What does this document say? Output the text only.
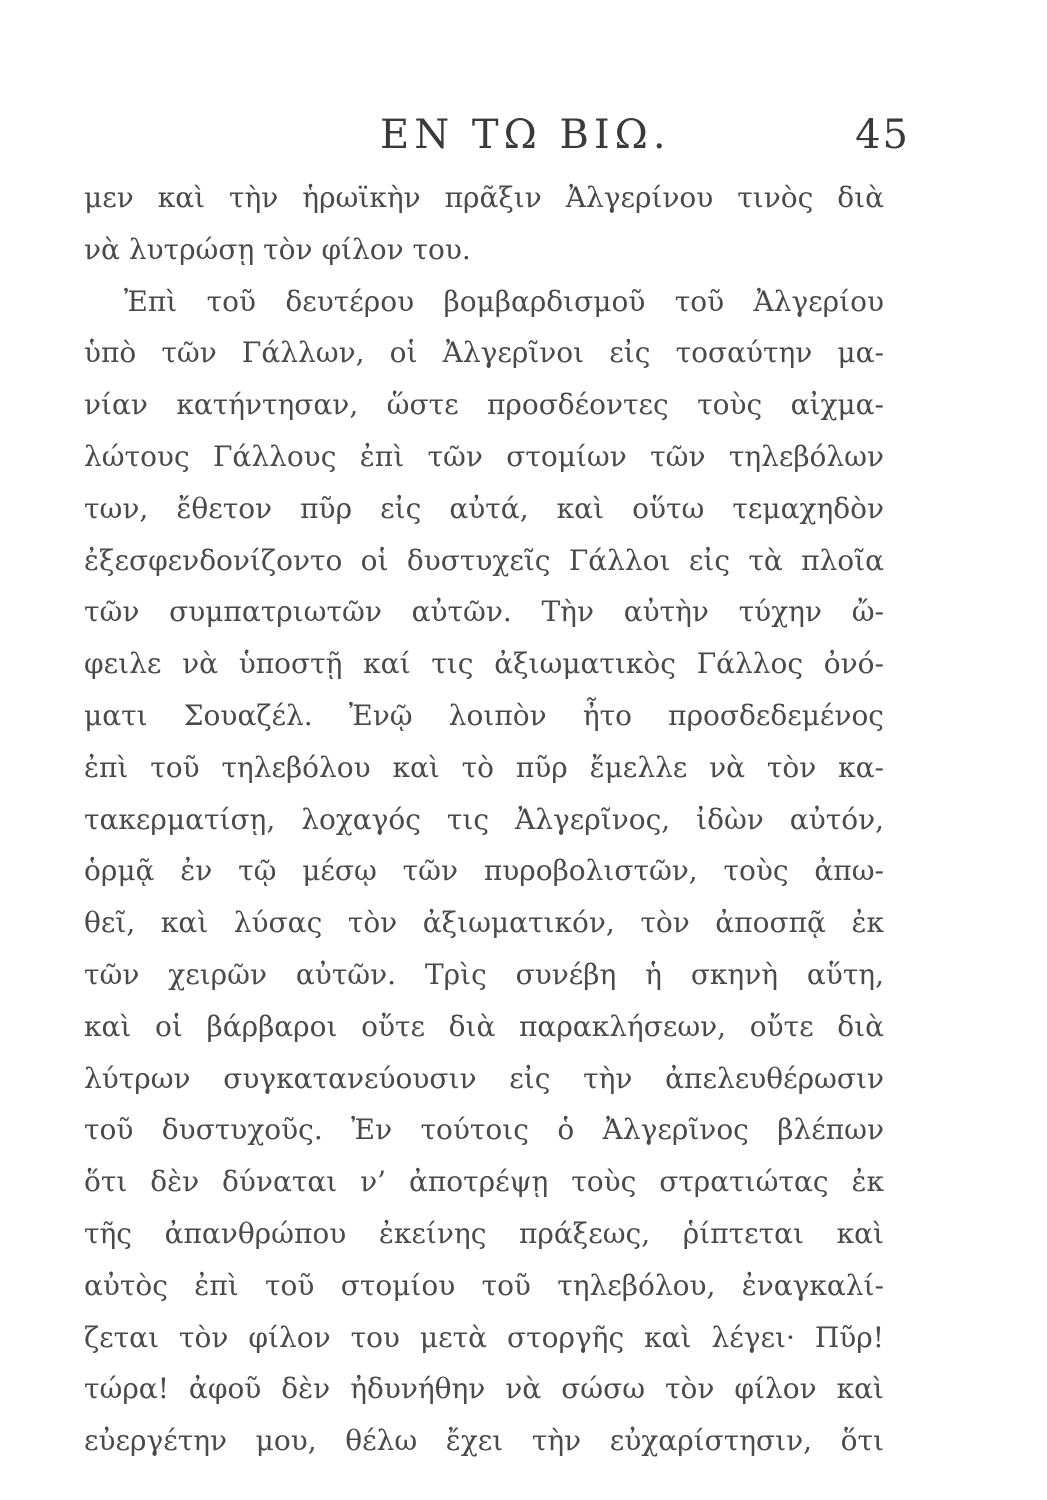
ΕΝ ΤΩ ΒΙΩ.	45
μεν καὶ τὴν ἡρωϊκὴν πρᾶξιν Ἀλγερίνου τινὸς διὰ
νὰ λυτρώσῃ τὸν φίλον του.
Ἐπὶ τοῦ δευτέρου βομβαρδισμοῦ τοῦ Ἀλγερίου
ὑπὸ τῶν Γάλλων, οἱ Ἀλγερῖνοι εἰς τοσαύτην μα-
νίαν κατήντησαν, ὥστε προσδέοντες τοὺς αἰχμα-
λώτους Γάλλους ἐπὶ τῶν στομίων τῶν τηλεβόλων
των, ἔθετον πῦρ εἰς αὐτά, καὶ οὕτω τεμαχηδὸν
ἐξεσφενδονίζοντο οἱ δυστυχεῖς Γάλλοι εἰς τὰ πλοῖα
τῶν συμπατριωτῶν αὐτῶν. Τὴν αὐτὴν τύχην ὤ-
φειλε νὰ ὑποστῇ καί τις ἀξιωματικὸς Γάλλος ὀνό-
ματι Σουαζέλ. Ἐνῷ λοιπὸν ἦτο προσδεδεμένος
ἐπὶ τοῦ τηλεβόλου καὶ τὸ πῦρ ἔμελλε νὰ τὸν κα-
τακερματίσῃ, λοχαγός τις Ἀλγερῖνος, ἰδὼν αὐτόν,
ὁρμᾷ ἐν τῷ μέσῳ τῶν πυροβολιστῶν, τοὺς ἀπω-
θεῖ, καὶ λύσας τὸν ἀξιωματικόν, τὸν ἀποσπᾷ ἐκ
τῶν χειρῶν αὐτῶν. Τρὶς συνέβη ἡ σκηνὴ αὕτη,
καὶ οἱ βάρβαροι οὔτε διὰ παρακλήσεων, οὔτε διὰ
λύτρων συγκατανεύουσιν εἰς τὴν ἀπελευθέρωσιν
τοῦ δυστυχοῦς. Ἐν τούτοις ὁ Ἀλγερῖνος βλέπων
ὅτι δὲν δύναται ν’ ἀποτρέψῃ τοὺς στρατιώτας ἐκ
τῆς ἀπανθρώπου ἐκείνης πράξεως, ῥίπτεται καὶ
αὐτὸς ἐπὶ τοῦ στομίου τοῦ τηλεβόλου, ἐναγκαλί-
ζεται τὸν φίλον του μετὰ στοργῆς καὶ λέγει· Πῦρ!
τώρα! ἀφοῦ δὲν ἠδυνήθην νὰ σώσω τὸν φίλον καὶ
εὐεργέτην μου, θέλω ἔχει τὴν εὐχαρίστησιν, ὅτι
